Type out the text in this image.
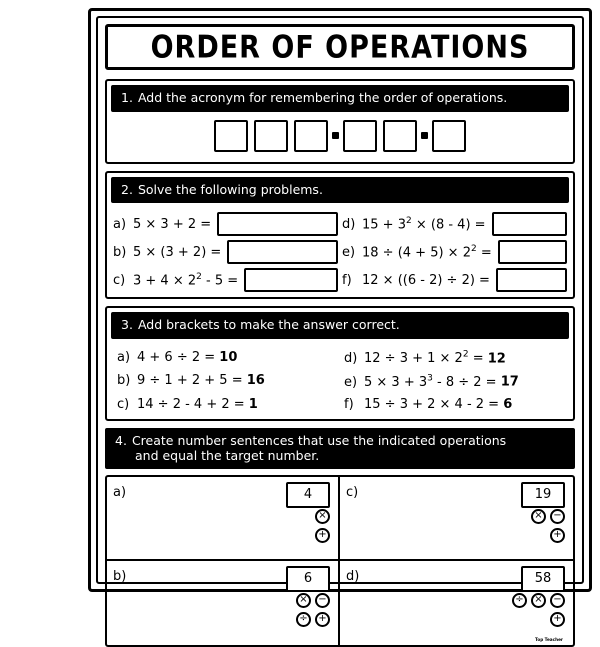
ORDER OF OPERATIONS
1. Add the acronym for remembering the order of operations.
2. Solve the following problems.
a) 5 × 3 + 2 =	d) $15 + 3^2 \times (8 - 4)$ =
b) 5 × (3 + 2) =	e) $18 \div (4 + 5) \times 2^2$ =
c) $3 + 4 \times 2^2 - 5$ =	f) 12 × ((6 - 2) ÷ 2) =
3. Add brackets to make the answer correct.
a) 4 + 6 ÷ 2 = 10	d) $12 \div 3 + 1 \times 2^2 = 12$
b) 9 ÷ 1 + 2 + 5 = 16	e) $5 \times 3 + 3^3 - 8 \div 2 = 17$
c) 14 ÷ 2 - 4 + 2 = 1	f) 15 ÷ 3 + 2 × 4 - 2 = 6
4. Create number sentences that use the indicated operations
and equal the target number.
a)	4
×
+
c)	19
×	−
+
b)	6
×	−
÷	+
d)	58
÷	×	−
+
Top Teacher
